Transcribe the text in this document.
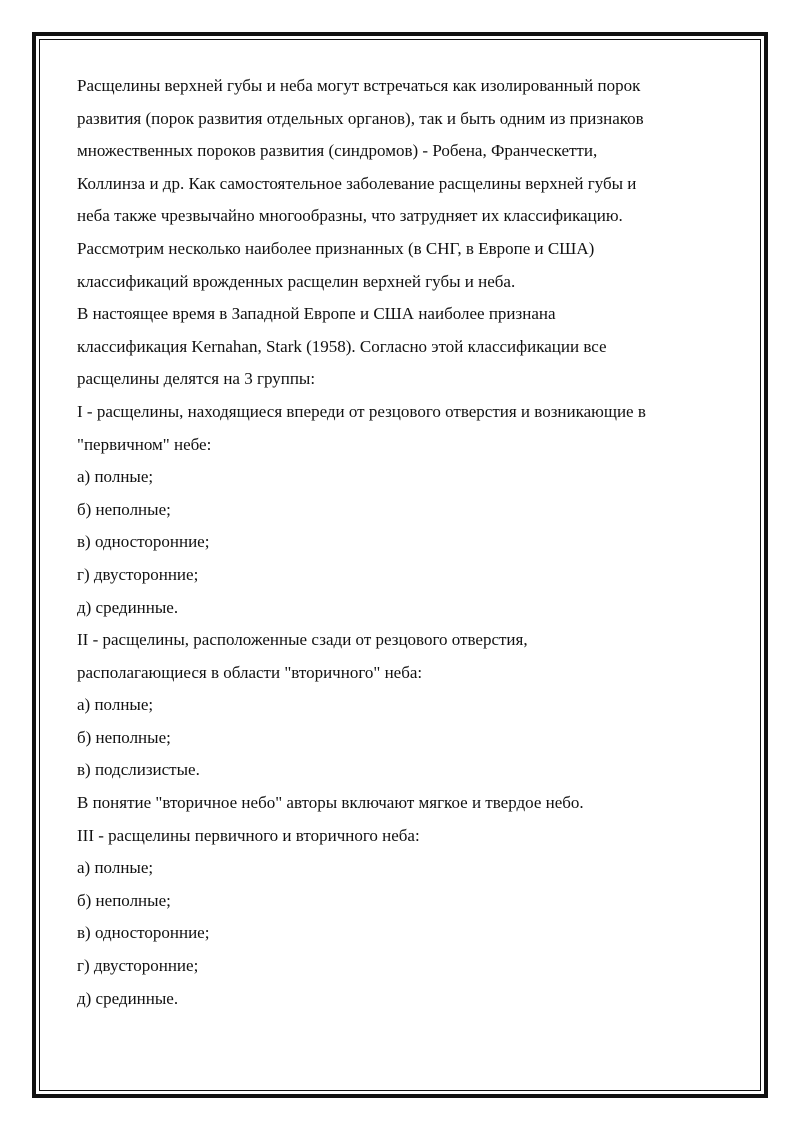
Расщелины верхней губы и неба могут встречаться как изолированный порок

развития (порок развития отдельных органов), так и быть одним из признаков

множественных пороков развития (синдромов) - Робена, Франческетти,

Коллинза и др. Как самостоятельное заболевание расщелины верхней губы и

неба также чрезвычайно многообразны, что затрудняет их классификацию.

Рассмотрим несколько наиболее признанных (в СНГ, в Европе и США)

классификаций врожденных расщелин верхней губы и неба.

В настоящее время в Западной Европе и США наиболее признана

классификация Kernahan, Stark (1958). Согласно этой классификации все

расщелины делятся на 3 группы:

I - расщелины, находящиеся впереди от резцового отверстия и возникающие в

"первичном" небе:

а) полные;

б) неполные;

в) односторонние;

г) двусторонние;

д) срединные.

II - расщелины, расположенные сзади от резцового отверстия,

располагающиеся в области "вторичного" неба:

а) полные;

б) неполные;

в) подслизистые.

В понятие "вторичное небо" авторы включают мягкое и твердое небо.

III - расщелины первичного и вторичного неба:

а) полные;

б) неполные;

в) односторонние;

г) двусторонние;

д) срединные.
